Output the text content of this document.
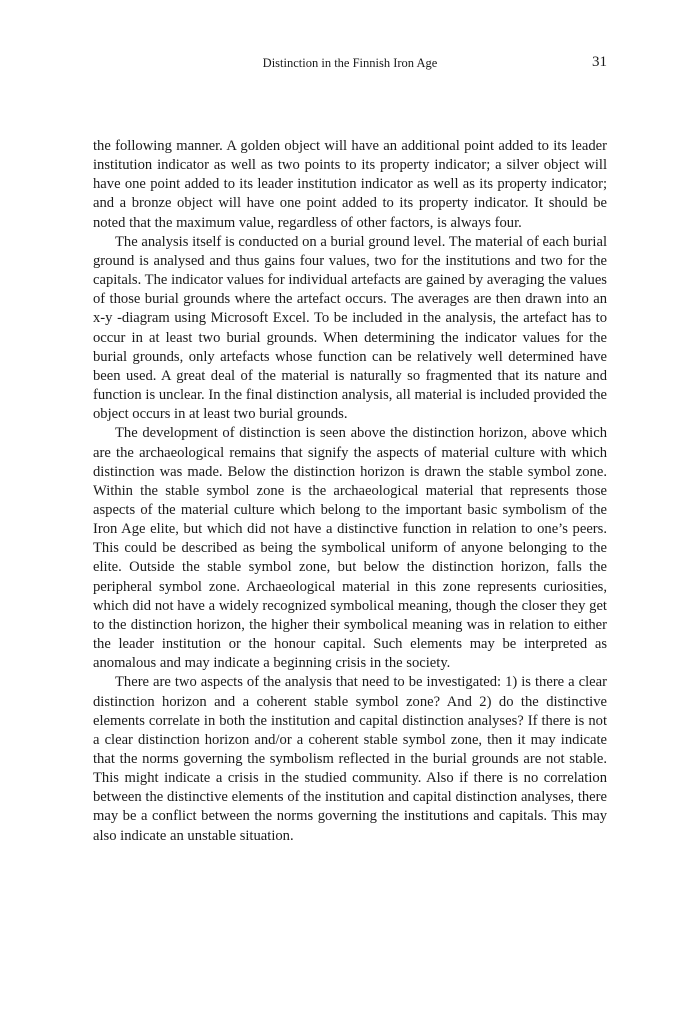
Distinction in the Finnish Iron Age	31

the following manner. A golden object will have an additional point added to its leader institution indicator as well as two points to its property indicator; a silver object will have one point added to its leader institution indicator as well as its property indicator; and a bronze object will have one point added to its property indicator. It should be noted that the maximum value, regardless of other factors, is always four.

The analysis itself is conducted on a burial ground level. The material of each burial ground is analysed and thus gains four values, two for the institutions and two for the capitals. The indicator values for individual artefacts are gained by averaging the values of those burial grounds where the artefact occurs. The averages are then drawn into an x-y -diagram using Microsoft Excel. To be included in the analysis, the artefact has to occur in at least two burial grounds. When determining the indicator values for the burial grounds, only artefacts whose function can be relatively well determined have been used. A great deal of the material is naturally so fragmented that its nature and function is unclear. In the final distinction analysis, all material is included provided the object occurs in at least two burial grounds.

The development of distinction is seen above the distinction horizon, above which are the archaeological remains that signify the aspects of material culture with which distinction was made. Below the distinction horizon is drawn the stable symbol zone. Within the stable symbol zone is the archaeological material that represents those aspects of the material culture which belong to the important basic symbolism of the Iron Age elite, but which did not have a distinctive function in relation to one’s peers. This could be described as being the symbolical uniform of anyone belonging to the elite. Outside the stable symbol zone, but below the distinction horizon, falls the peripheral symbol zone. Archaeological material in this zone represents curiosities, which did not have a widely recognized symbolical meaning, though the closer they get to the distinction horizon, the higher their symbolical meaning was in relation to either the leader institution or the honour capital. Such elements may be interpreted as anomalous and may indicate a beginning crisis in the society.

There are two aspects of the analysis that need to be investigated: 1) is there a clear distinction horizon and a coherent stable symbol zone? And 2) do the distinctive elements correlate in both the institution and capital distinction analyses? If there is not a clear distinction horizon and/or a coherent stable symbol zone, then it may indicate that the norms governing the symbolism reflected in the burial grounds are not stable. This might indicate a crisis in the studied community. Also if there is no correlation between the distinctive elements of the institution and capital distinction analyses, there may be a conflict between the norms governing the institutions and capitals. This may also indicate an unstable situation.
